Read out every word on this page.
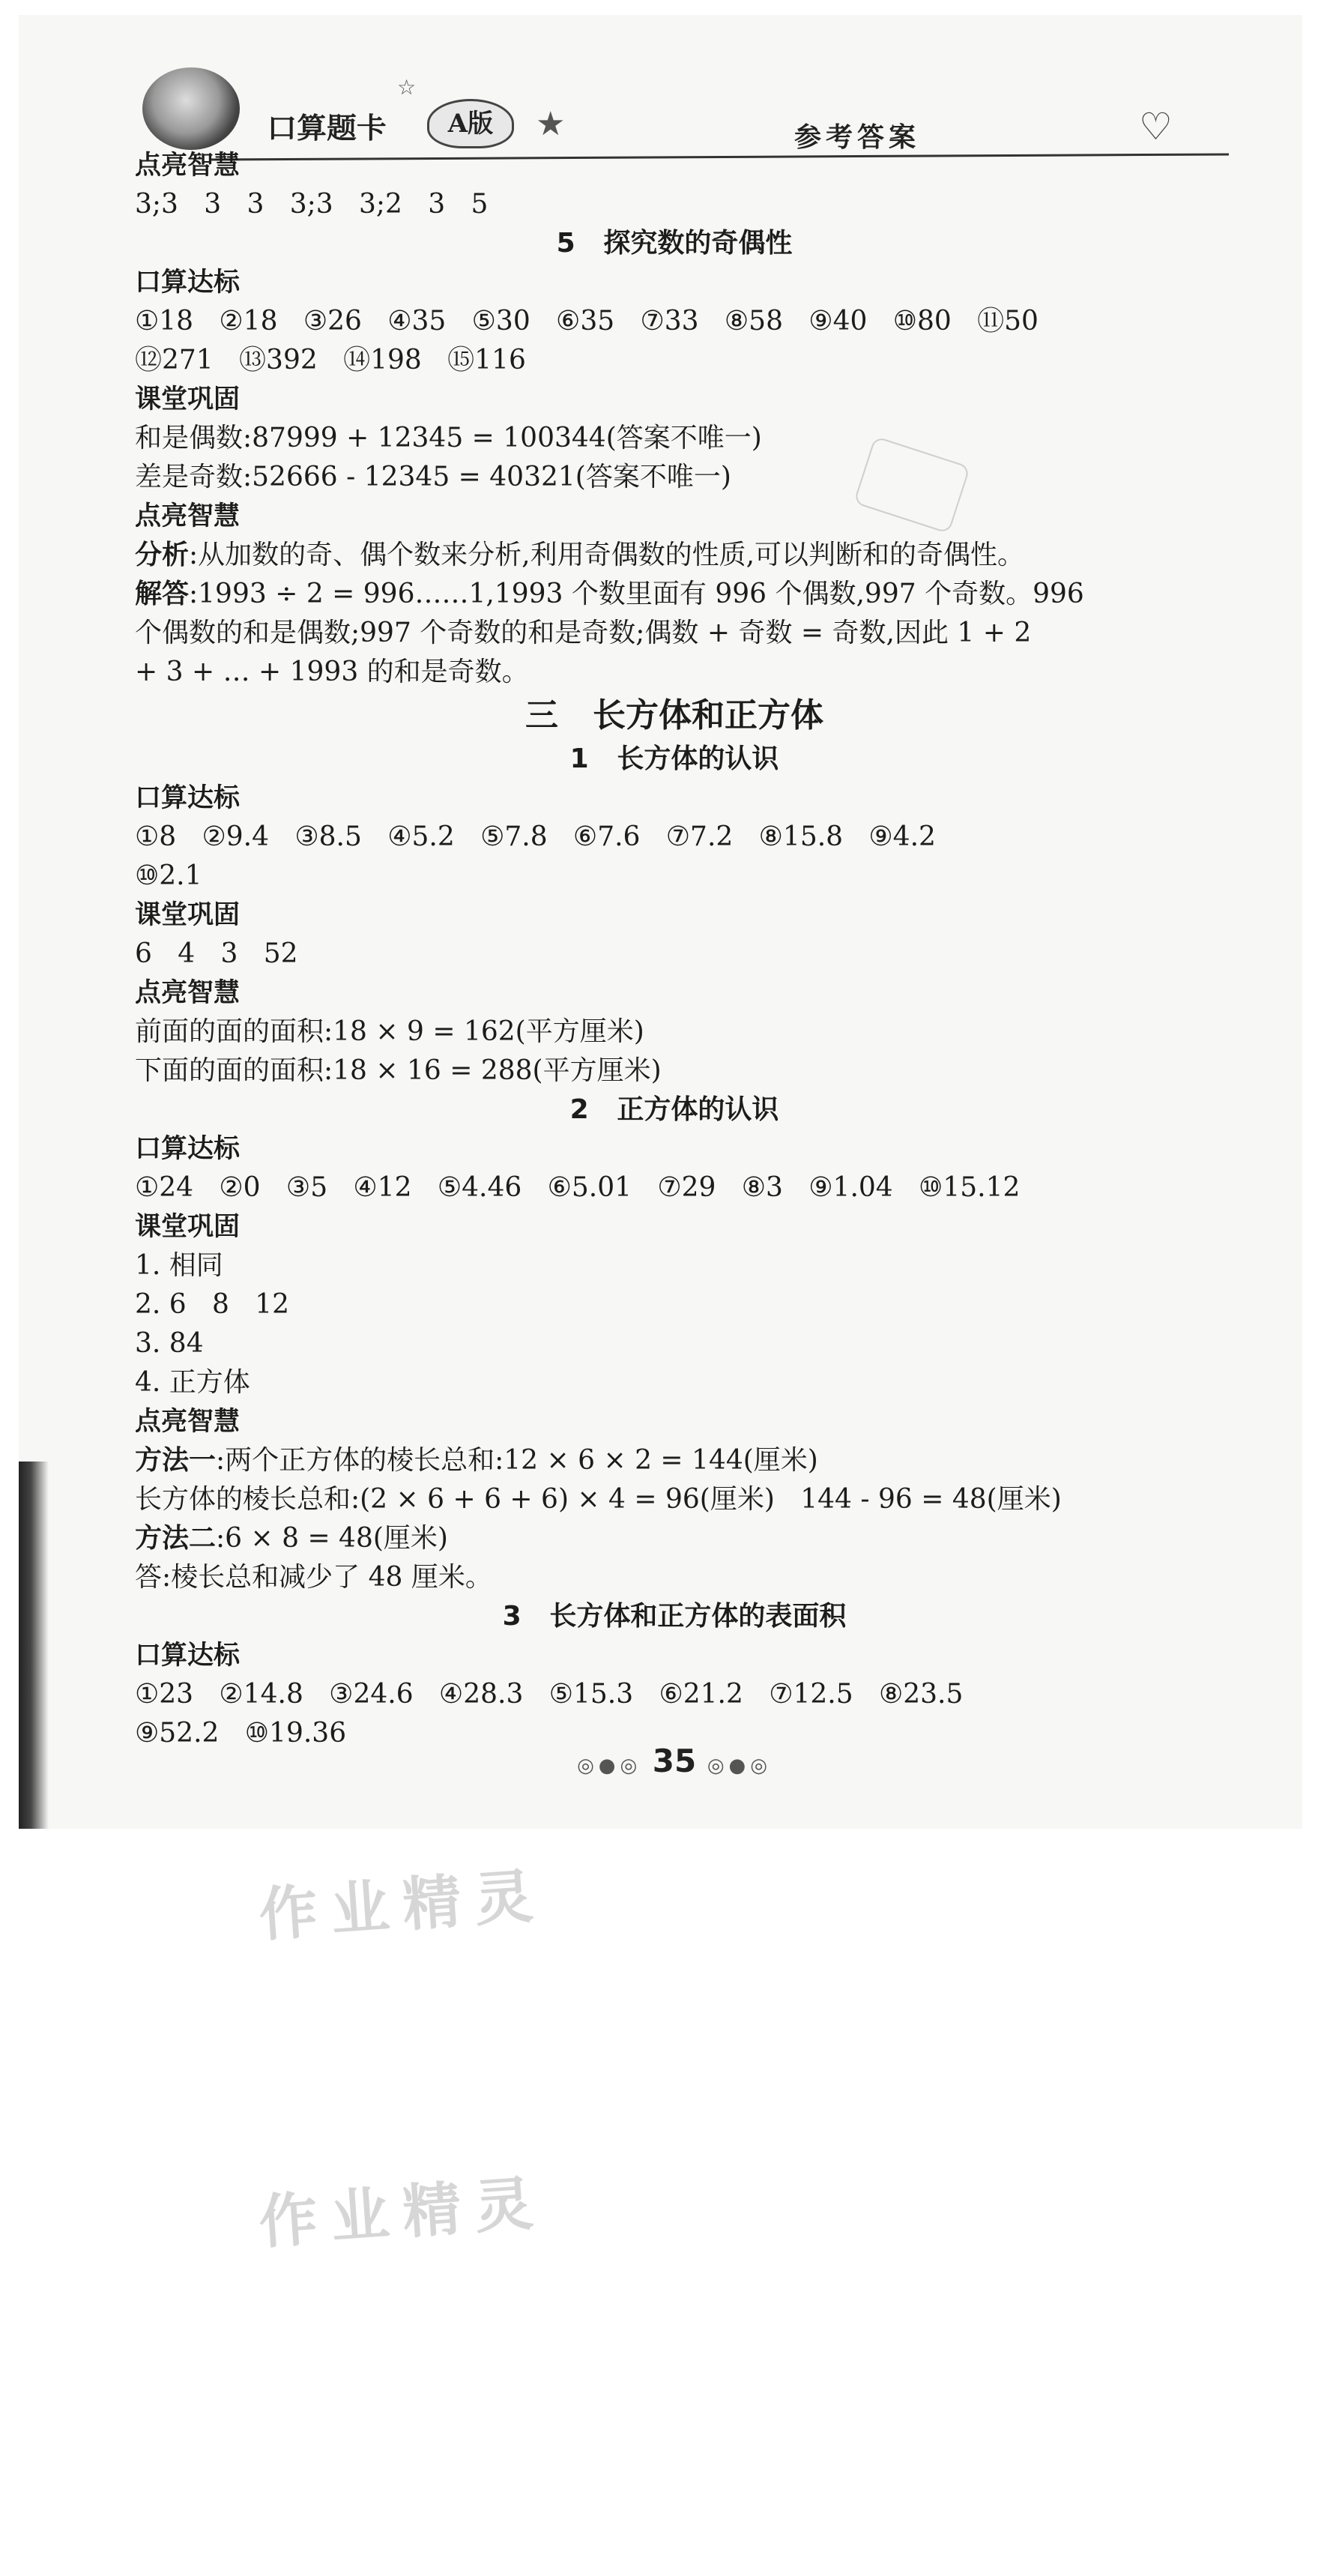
口算题卡	A版	★
☆
参考答案	♡
点亮智慧
3;3   3   3   3;3   3;2   3   5
5   探究数的奇偶性
口算达标
①18   ②18   ③26   ④35   ⑤30   ⑥35   ⑦33   ⑧58   ⑨40   ⑩80   ⑪50
⑫271   ⑬392   ⑭198   ⑮116
课堂巩固
和是偶数:87999 + 12345 = 100344(答案不唯一)
差是奇数:52666 - 12345 = 40321(答案不唯一)
点亮智慧
分析:从加数的奇、偶个数来分析,利用奇偶数的性质,可以判断和的奇偶性。
解答:1993 ÷ 2 = 996……1,1993 个数里面有 996 个偶数,997 个奇数。996
个偶数的和是偶数;997 个奇数的和是奇数;偶数 + 奇数 = 奇数,因此 1 + 2
+ 3 + … + 1993 的和是奇数。
三   长方体和正方体
1   长方体的认识
口算达标
①8   ②9.4   ③8.5   ④5.2   ⑤7.8   ⑥7.6   ⑦7.2   ⑧15.8   ⑨4.2
⑩2.1
课堂巩固
6   4   3   52
点亮智慧
前面的面的面积:18 × 9 = 162(平方厘米)
下面的面的面积:18 × 16 = 288(平方厘米)
2   正方体的认识
口算达标
①24   ②0   ③5   ④12   ⑤4.46   ⑥5.01   ⑦29   ⑧3   ⑨1.04   ⑩15.12
课堂巩固
1. 相同
2. 6   8   12
3. 84
4. 正方体
点亮智慧
方法一:两个正方体的棱长总和:12 × 6 × 2 = 144(厘米)
长方体的棱长总和:(2 × 6 + 6 + 6) × 4 = 96(厘米)   144 - 96 = 48(厘米)
方法二:6 × 8 = 48(厘米)
答:棱长总和减少了 48 厘米。
3   长方体和正方体的表面积
口算达标
①23   ②14.8   ③24.6   ④28.3   ⑤15.3   ⑥21.2   ⑦12.5   ⑧23.5
⑨52.2   ⑩19.36
◎●◎ 35 ◎●◎
作业精灵
作业精灵
